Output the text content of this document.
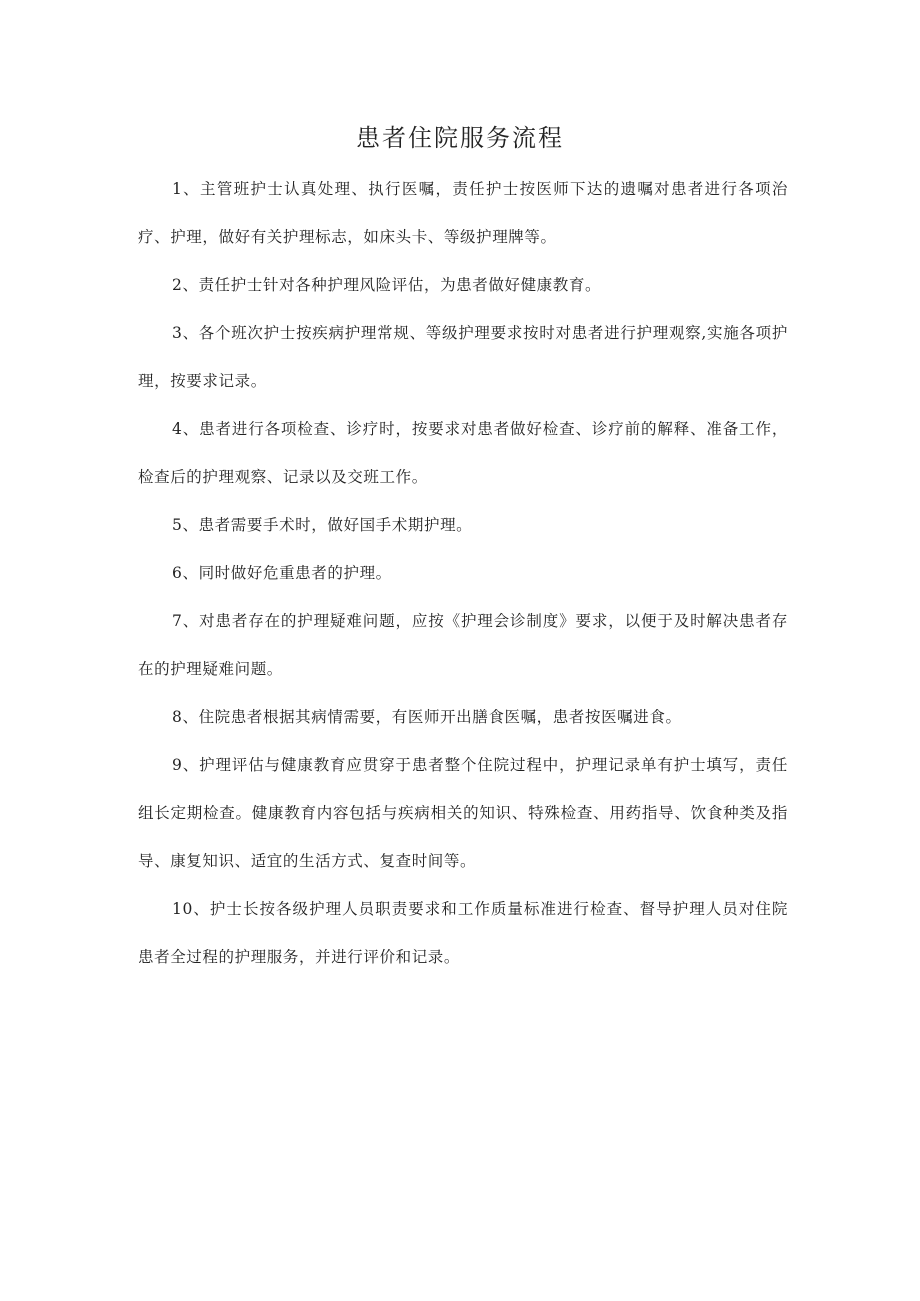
患者住院服务流程

1、主管班护士认真处理、执行医嘱，责任护士按医师下达的遗嘱对患者进行各项治疗、护理，做好有关护理标志，如床头卡、等级护理牌等。

2、责任护士针对各种护理风险评估，为患者做好健康教育。

3、各个班次护士按疾病护理常规、等级护理要求按时对患者进行护理观察,实施各项护理，按要求记录。

4、患者进行各项检查、诊疗时，按要求对患者做好检查、诊疗前的解释、准备工作，检查后的护理观察、记录以及交班工作。

5、患者需要手术时，做好国手术期护理。

6、同时做好危重患者的护理。

7、对患者存在的护理疑难问题，应按《护理会诊制度》要求，以便于及时解决患者存在的护理疑难问题。

8、住院患者根据其病情需要，有医师开出膳食医嘱，患者按医嘱进食。

9、护理评估与健康教育应贯穿于患者整个住院过程中，护理记录单有护士填写，责任组长定期检查。健康教育内容包括与疾病相关的知识、特殊检查、用药指导、饮食种类及指导、康复知识、适宜的生活方式、复查时间等。

10、护士长按各级护理人员职责要求和工作质量标准进行检查、督导护理人员对住院患者全过程的护理服务，并进行评价和记录。
